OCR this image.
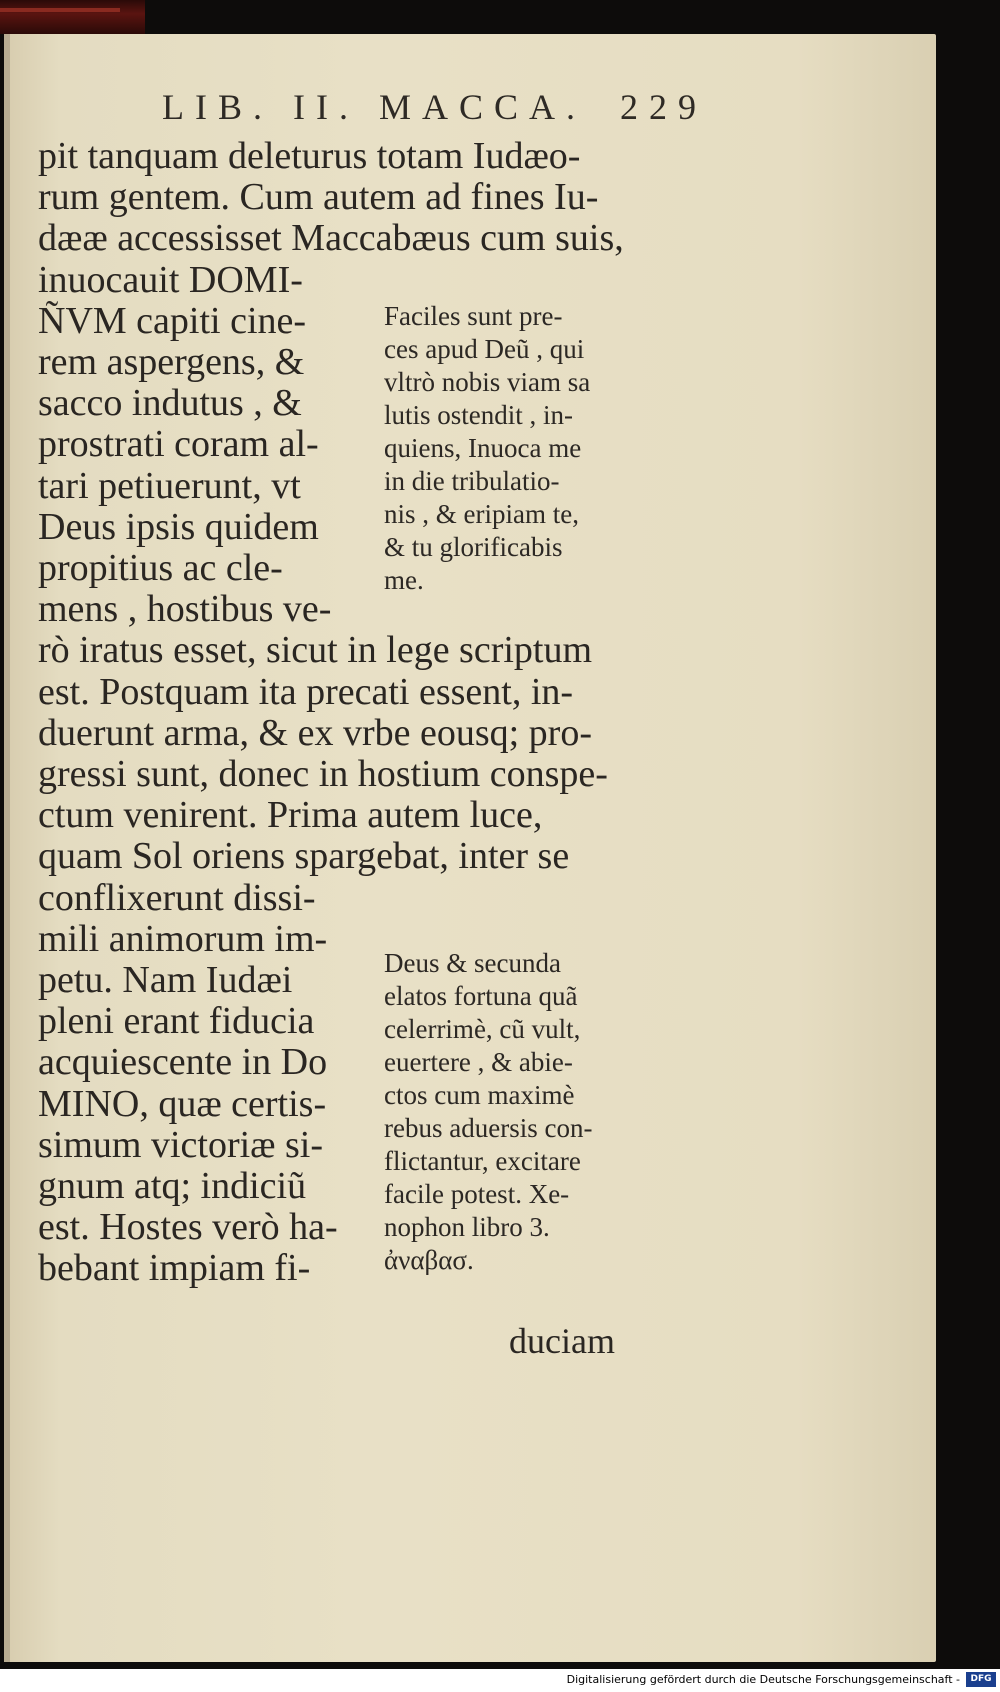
LIB. II. MACCA. 229
pit tanquam deleturus totam Iudæo-
rum gentem. Cum autem ad fines Iu-
dææ accessisset Maccabæus cum suis,
inuocauit DOMI-
ÑVM capiti cine-
rem aspergens, &
sacco indutus , &
prostrati coram al-
tari petiuerunt, vt
Deus ipsis quidem
propitius ac cle-
mens , hostibus ve-
rò iratus esset, sicut in lege scriptum
est. Postquam ita precati essent, in-
duerunt arma, & ex vrbe eousq; pro-
gressi sunt, donec in hostium conspe-
ctum venirent. Prima autem luce,
quam Sol oriens spargebat, inter se
conflixerunt dissi-
mili animorum im-
petu. Nam Iudæi
pleni erant fiducia
acquiescente in Do
MINO, quæ certis-
simum victoriæ si-
gnum atq; indiciũ
est. Hostes verò ha-
bebant impiam fi-
Faciles sunt pre-
ces apud Deũ , qui
vltrò nobis viam sa
lutis ostendit , in-
quiens, Inuoca me
in die tribulatio-
nis , & eripiam te,
& tu glorificabis
me.
Deus & secunda
elatos fortuna quã
celerrimè, cũ vult,
euertere , & abie-
ctos cum maximè
rebus aduersis con-
flictantur, excitare
facile potest. Xe-
nophon libro 3.
ἀναβασ.
duciam
Digitalisierung gefördert durch die Deutsche Forschungsgemeinschaft -	DFG
